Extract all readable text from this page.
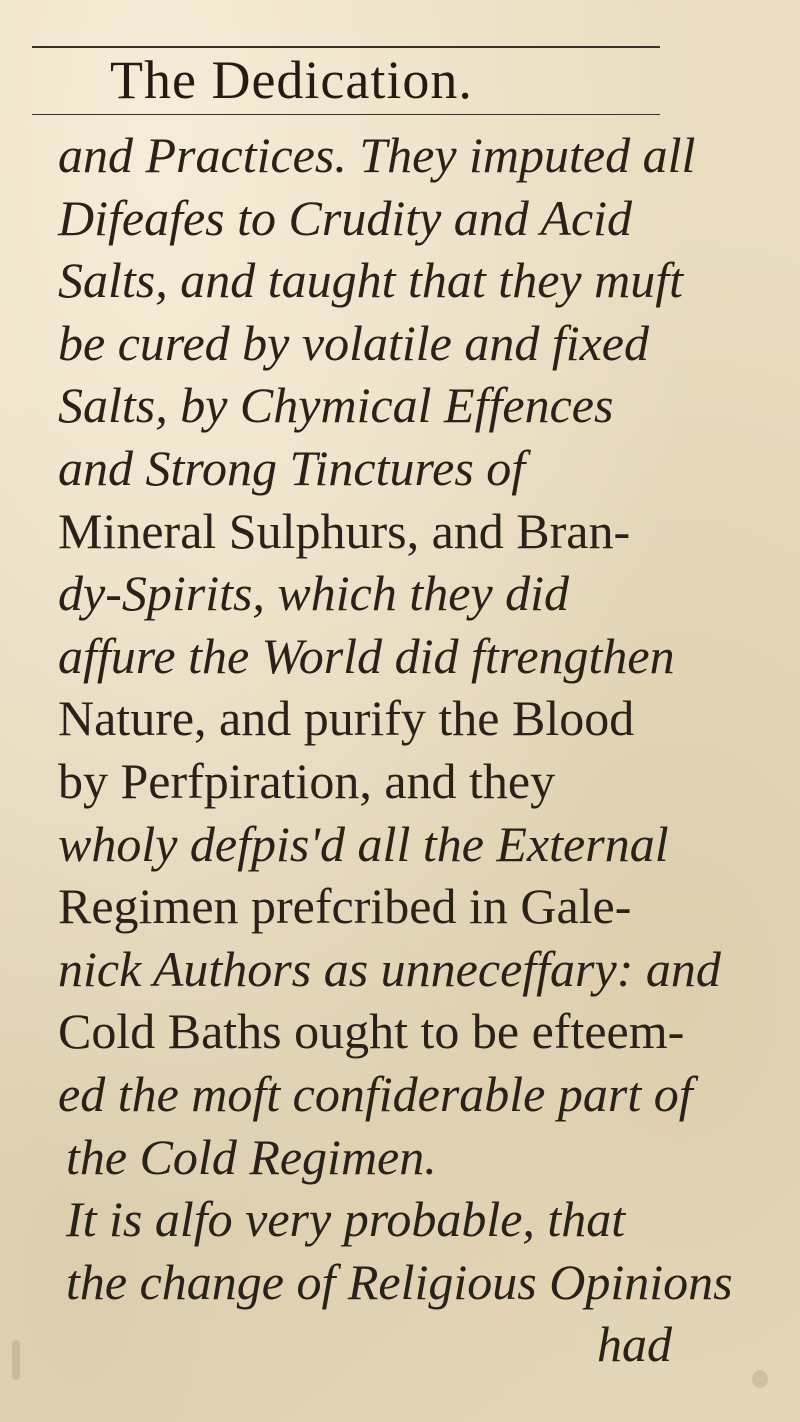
The Dedication.
and Practices. They imputed all
Difeafes to Crudity and Acid
Salts, and taught that they muft
be cured by volatile and fixed
Salts, by Chymical Effences
and Strong Tinctures of
Mineral Sulphurs, and Bran-
dy-Spirits, which they did
affure the World did ftrengthen
Nature, and purify the Blood
by Perfpiration, and they
wholy defpis'd all the External
Regimen prefcribed in Gale-
nick Authors as unneceffary: and
Cold Baths ought to be efteem-
ed the moft confiderable part of
the Cold Regimen.
It is alfo very probable, that
the change of Religious Opinions
had
